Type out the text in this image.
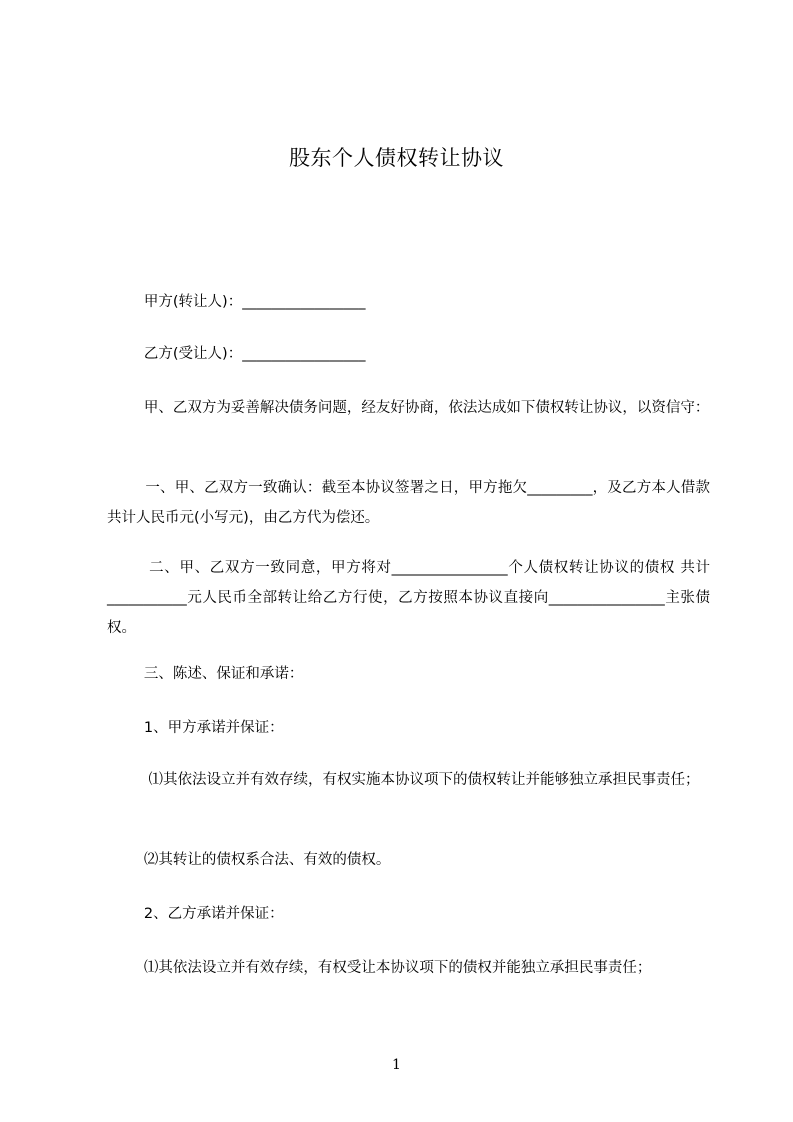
股东个人债权转让协议
甲方(转让人)：_________________
乙方(受让人)：_________________
甲、乙双方为妥善解决债务问题，经友好协商，依法达成如下债权转让协议，以资信守：
一、甲、乙双方一致确认：截至本协议签署之日，甲方拖欠_________，及乙方本人借款共计人民币元(小写元)，由乙方代为偿还。
二、甲、乙双方一致同意，甲方将对________________个人债权转让协议的债权 共计___________元人民币全部转让给乙方行使，乙方按照本协议直接向________________主张债权。
三、陈述、保证和承诺：
1、甲方承诺并保证：
⑴其依法设立并有效存续，有权实施本协议项下的债权转让并能够独立承担民事责任；
⑵其转让的债权系合法、有效的债权。
2、乙方承诺并保证：
⑴其依法设立并有效存续，有权受让本协议项下的债权并能独立承担民事责任；
1
